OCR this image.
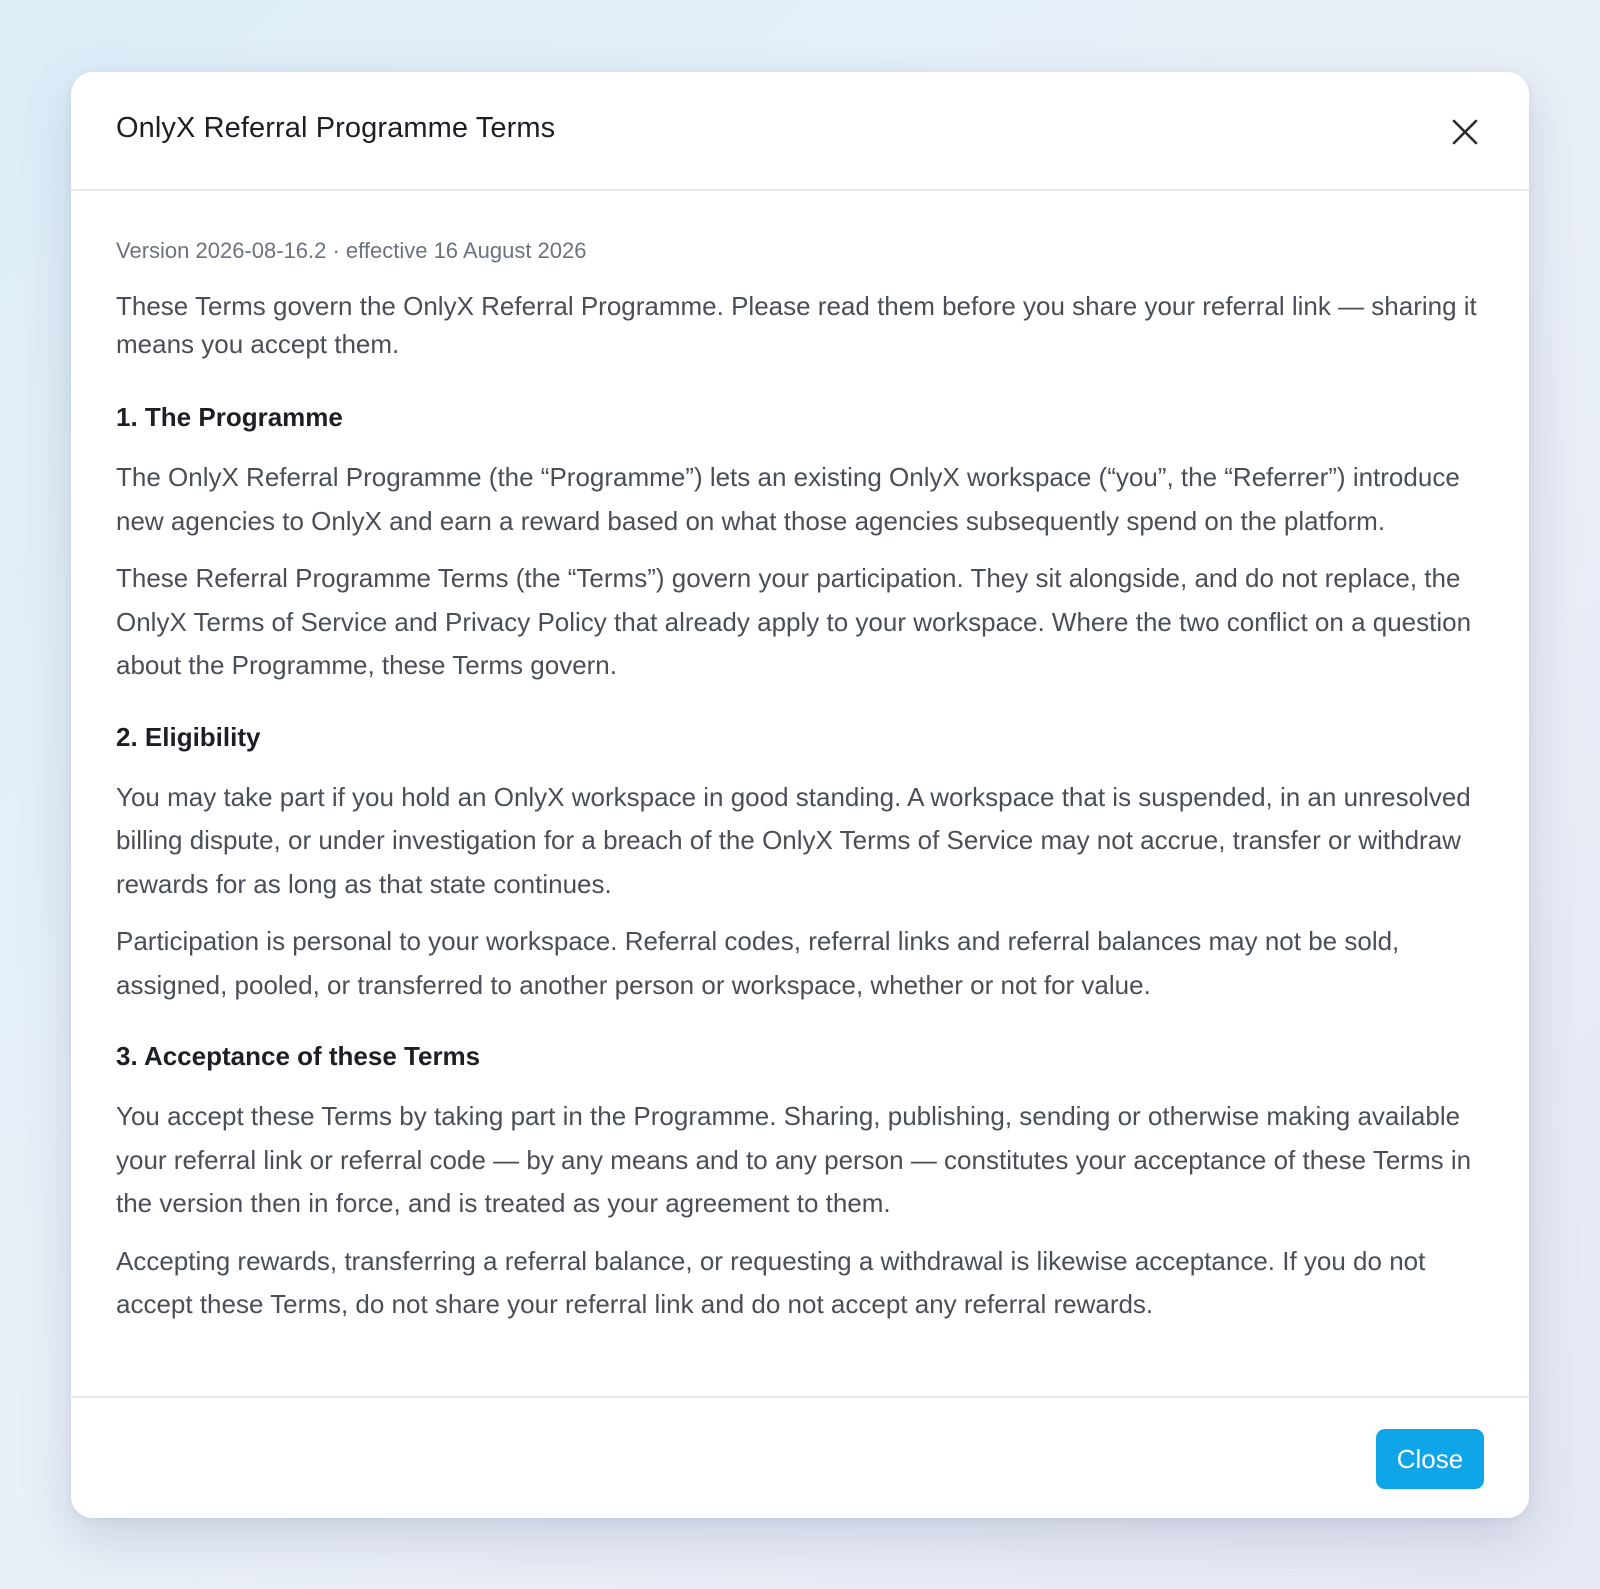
OnlyX Referral Programme Terms

Version 2026-08-16.2 · effective 16 August 2026

These Terms govern the OnlyX Referral Programme. Please read them before you share your referral link — sharing it means you accept them.

1. The Programme

The OnlyX Referral Programme (the “Programme”) lets an existing OnlyX workspace (“you”, the “Referrer”) introduce new agencies to OnlyX and earn a reward based on what those agencies subsequently spend on the platform.

These Referral Programme Terms (the “Terms”) govern your participation. They sit alongside, and do not replace, the OnlyX Terms of Service and Privacy Policy that already apply to your workspace. Where the two conflict on a question about the Programme, these Terms govern.

2. Eligibility

You may take part if you hold an OnlyX workspace in good standing. A workspace that is suspended, in an unresolved billing dispute, or under investigation for a breach of the OnlyX Terms of Service may not accrue, transfer or withdraw rewards for as long as that state continues.

Participation is personal to your workspace. Referral codes, referral links and referral balances may not be sold, assigned, pooled, or transferred to another person or workspace, whether or not for value.

3. Acceptance of these Terms

You accept these Terms by taking part in the Programme. Sharing, publishing, sending or otherwise making available your referral link or referral code — by any means and to any person — constitutes your acceptance of these Terms in the version then in force, and is treated as your agreement to them.

Accepting rewards, transferring a referral balance, or requesting a withdrawal is likewise acceptance. If you do not accept these Terms, do not share your referral link and do not accept any referral rewards.

Close
